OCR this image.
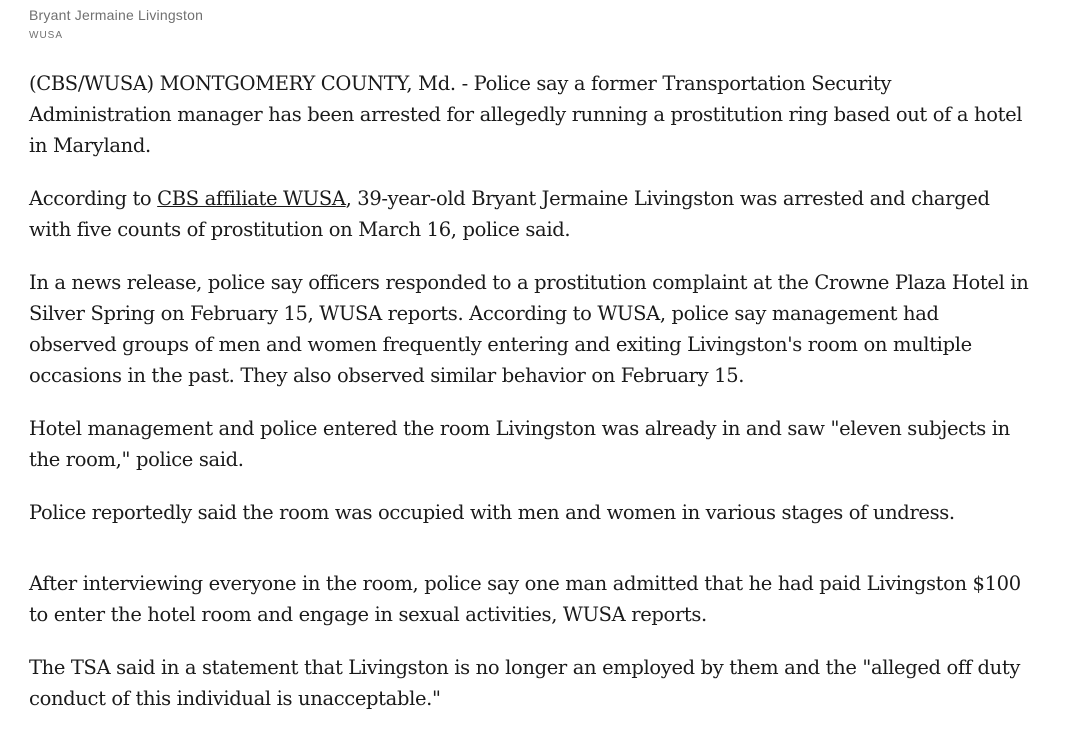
Bryant Jermaine Livingston
WUSA

(CBS/WUSA) MONTGOMERY COUNTY, Md. - Police say a former Transportation Security Administration manager has been arrested for allegedly running a prostitution ring based out of a hotel in Maryland.

According to CBS affiliate WUSA, 39-year-old Bryant Jermaine Livingston was arrested and charged with five counts of prostitution on March 16, police said.

In a news release, police say officers responded to a prostitution complaint at the Crowne Plaza Hotel in Silver Spring on February 15, WUSA reports. According to WUSA, police say management had observed groups of men and women frequently entering and exiting Livingston's room on multiple occasions in the past. They also observed similar behavior on February 15.

Hotel management and police entered the room Livingston was already in and saw "eleven subjects in the room," police said.

Police reportedly said the room was occupied with men and women in various stages of undress.

After interviewing everyone in the room, police say one man admitted that he had paid Livingston $100 to enter the hotel room and engage in sexual activities, WUSA reports.

The TSA said in a statement that Livingston is no longer an employed by them and the "alleged off duty conduct of this individual is unacceptable."
